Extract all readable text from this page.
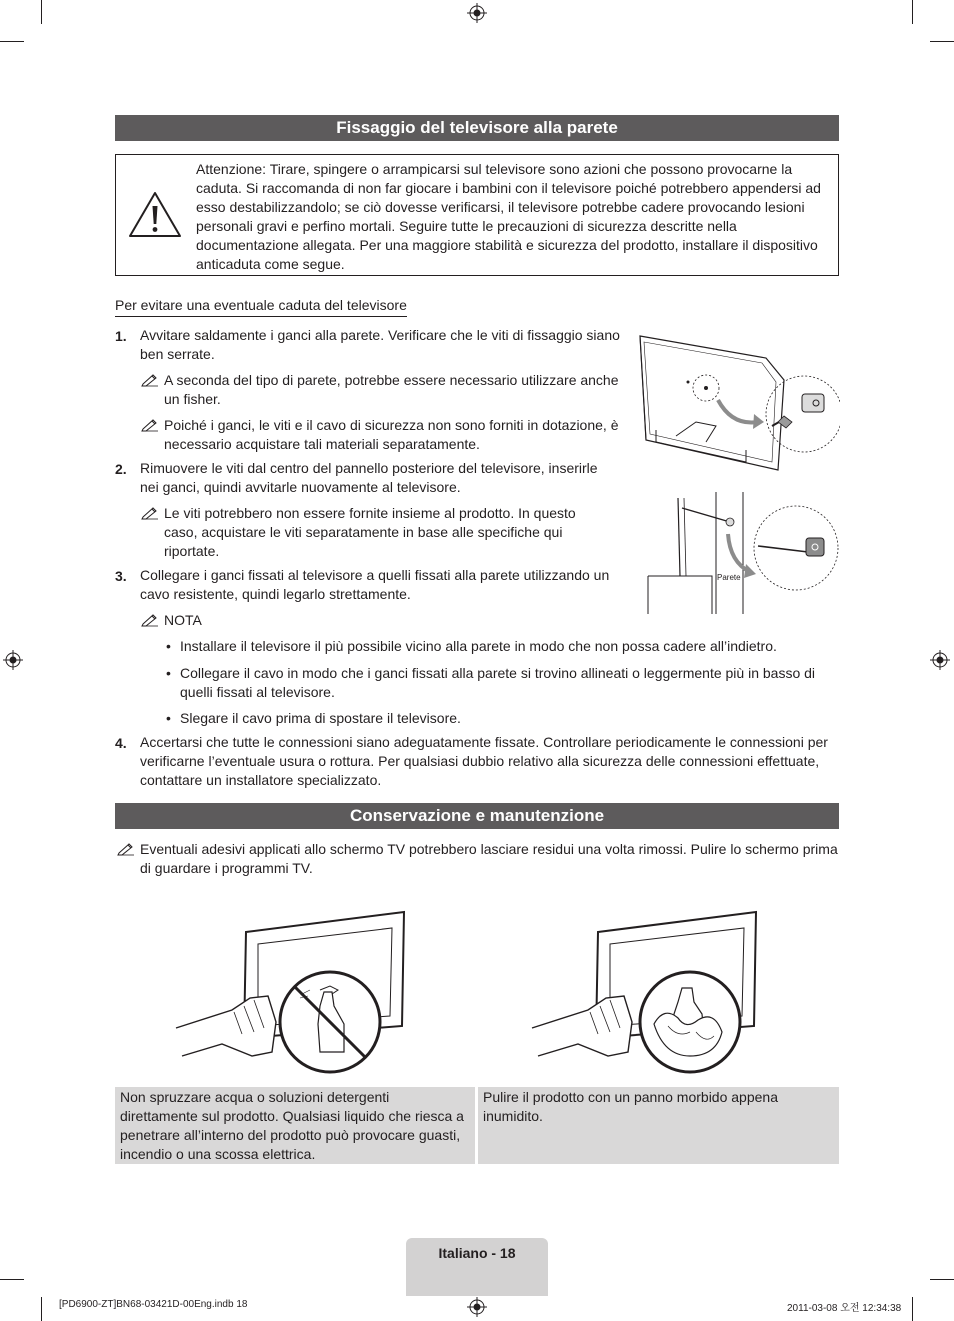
Fissaggio del televisore alla parete
Attenzione: Tirare, spingere o arrampicarsi sul televisore sono azioni che possono provocarne la caduta. Si raccomanda di non far giocare i bambini con il televisore poiché potrebbero appendersi ad esso destabilizzandolo; se ciò dovesse verificarsi, il televisore potrebbe cadere provocando lesioni personali gravi e perfino mortali. Seguire tutte le precauzioni di sicurezza descritte nella documentazione allegata. Per una maggiore stabilità e sicurezza del prodotto, installare il dispositivo anticaduta come segue.
Per evitare una eventuale caduta del televisore
1. Avvitare saldamente i ganci alla parete. Verificare che le viti di fissaggio siano ben serrate.
A seconda del tipo di parete, potrebbe essere necessario utilizzare anche un fisher.
Poiché i ganci, le viti e il cavo di sicurezza non sono forniti in dotazione, è necessario acquistare tali materiali separatamente.
2. Rimuovere le viti dal centro del pannello posteriore del televisore, inserirle nei ganci, quindi avvitarle nuovamente al televisore.
Le viti potrebbero non essere fornite insieme al prodotto. In questo caso, acquistare le viti separatamente in base alle specifiche qui riportate.
3. Collegare i ganci fissati al televisore a quelli fissati alla parete utilizzando un cavo resistente, quindi legarlo strettamente.
NOTA
• Installare il televisore il più possibile vicino alla parete in modo che non possa cadere all’indietro.
• Collegare il cavo in modo che i ganci fissati alla parete si trovino allineati o leggermente più in basso di quelli fissati al televisore.
• Slegare il cavo prima di spostare il televisore.
4. Accertarsi che tutte le connessioni siano adeguatamente fissate. Controllare periodicamente le connessioni per verificarne l’eventuale usura o rottura. Per qualsiasi dubbio relativo alla sicurezza delle connessioni effettuate, contattare un installatore specializzato.
Parete
Conservazione e manutenzione
Eventuali adesivi applicati allo schermo TV potrebbero lasciare residui una volta rimossi. Pulire lo schermo prima di guardare i programmi TV.
Non spruzzare acqua o soluzioni detergenti direttamente sul prodotto. Qualsiasi liquido che riesca a penetrare all’interno del prodotto può provocare guasti, incendio o una scossa elettrica.
Pulire il prodotto con un panno morbido appena inumidito.
Italiano - 18
[PD6900-ZT]BN68-03421D-00Eng.indb 18	2011-03-08 오전 12:34:38
